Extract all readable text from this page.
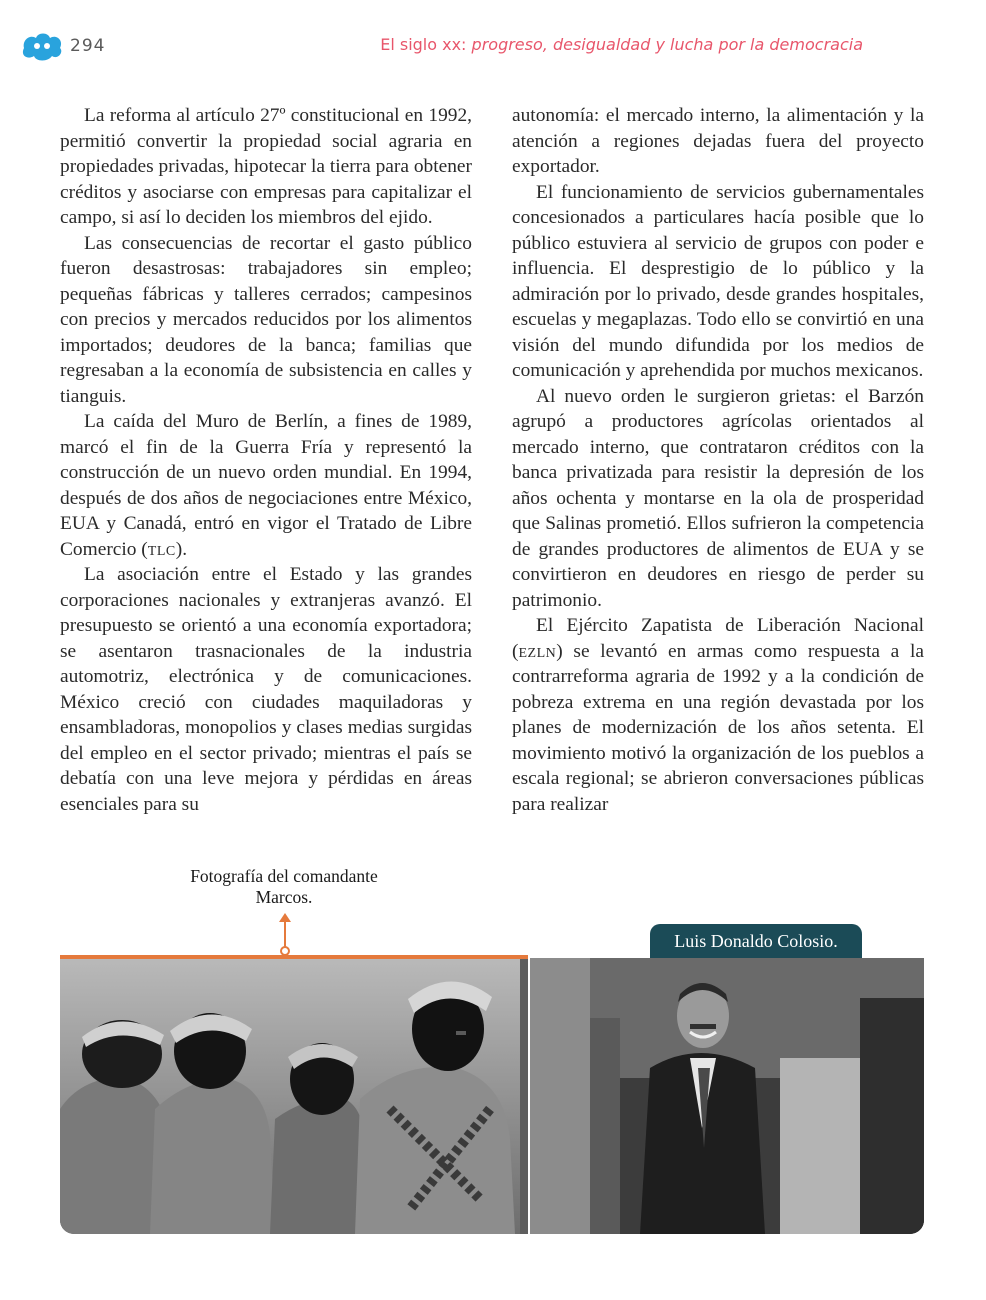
294	El siglo xx: progreso, desigualdad y lucha por la democracia

La reforma al artículo 27º constitucional en 1992, permitió convertir la propiedad social agraria en propiedades privadas, hipotecar la tierra para obtener créditos y asociarse con empresas para capitalizar el campo, si así lo deciden los miembros del ejido.

Las consecuencias de recortar el gasto público fueron desastrosas: trabajadores sin empleo; pequeñas fábricas y talleres cerrados; campesinos con precios y mercados reducidos por los alimentos importados; deudores de la banca; familias que regresaban a la economía de subsistencia en calles y tianguis.

La caída del Muro de Berlín, a fines de 1989, marcó el fin de la Guerra Fría y representó la construcción de un nuevo orden mundial. En 1994, después de dos años de negociaciones entre México, EUA y Canadá, entró en vigor el Tratado de Libre Comercio (tlc).

La asociación entre el Estado y las grandes corporaciones nacionales y extranjeras avanzó. El presupuesto se orientó a una economía exportadora; se asentaron trasnacionales de la industria automotriz, electrónica y de comunicaciones. México creció con ciudades maquiladoras y ensambladoras, monopolios y clases medias surgidas del empleo en el sector privado; mientras el país se debatía con una leve mejora y pérdidas en áreas esenciales para su

autonomía: el mercado interno, la alimentación y la atención a regiones dejadas fuera del proyecto exportador.

El funcionamiento de servicios gubernamentales concesionados a particulares hacía posible que lo público estuviera al servicio de grupos con poder e influencia. El desprestigio de lo público y la admiración por lo privado, desde grandes hospitales, escuelas y megaplazas. Todo ello se convirtió en una visión del mundo difundida por los medios de comunicación y aprehendida por muchos mexicanos.

Al nuevo orden le surgieron grietas: el Barzón agrupó a productores agrícolas orientados al mercado interno, que contrataron créditos con la banca privatizada para resistir la depresión de los años ochenta y montarse en la ola de prosperidad que Salinas prometió. Ellos sufrieron la competencia de grandes productores de alimentos de EUA y se convirtieron en deudores en riesgo de perder su patrimonio.

El Ejército Zapatista de Liberación Nacional (ezln) se levantó en armas como respuesta a la contrarreforma agraria de 1992 y a la condición de pobreza extrema en una región devastada por los planes de modernización de los años setenta. El movimiento motivó la organización de los pueblos a escala regional; se abrieron conversaciones públicas para realizar

Fotografía del comandante Marcos.
Luis Donaldo Colosio.
